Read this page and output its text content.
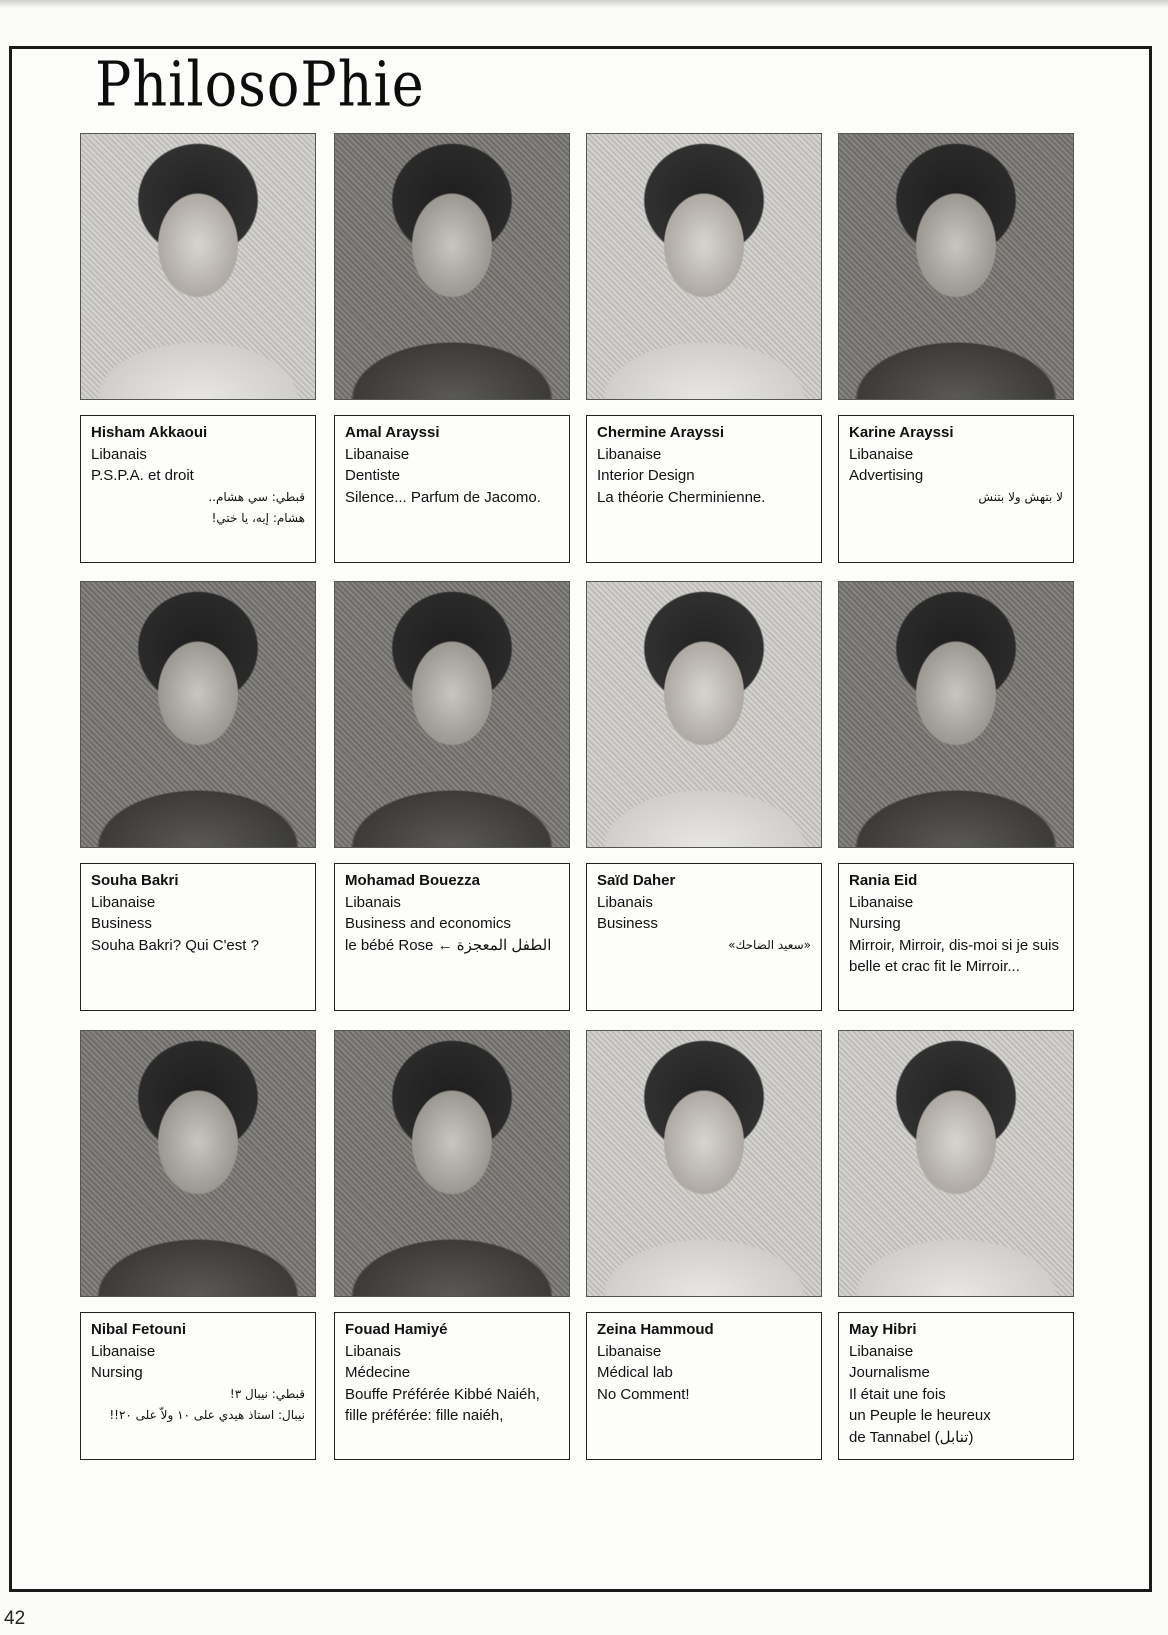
PhilosoPhie
Hisham Akkaoui
Libanais
P.S.P.A. et droit
قبطي: سي هشام..
هشام: إيه، يا ختي!
Amal Arayssi
Libanaise
Dentiste
Silence... Parfum de Jacomo.
Chermine Arayssi
Libanaise
Interior Design
La théorie Cherminienne.
Karine Arayssi
Libanaise
Advertising
لا بتهش ولا بتنش
Souha Bakri
Libanaise
Business
Souha Bakri? Qui C'est ?
Mohamad Bouezza
Libanais
Business and economics
le bébé Rose ← الطفل المعجزة
Saïd Daher
Libanais
Business
«سعيد الضاحك»
Rania Eid
Libanaise
Nursing
Mirroir, Mirroir, dis-moi si je suis belle et crac fit le Mirroir...
Nibal Fetouni
Libanaise
Nursing
قبطي: نيبال ٣!
نيبال: استاذ هيدي على ١٠ ولاّ على ٢٠!!
Fouad Hamiyé
Libanais
Médecine
Bouffe Préférée Kibbé Naiéh,
fille préférée: fille naiéh,
Zeina Hammoud
Libanaise
Médical lab
No Comment!
May Hibri
Libanaise
Journalisme
Il était une fois
un Peuple le heureux
de Tannabel (تنابل)
42
